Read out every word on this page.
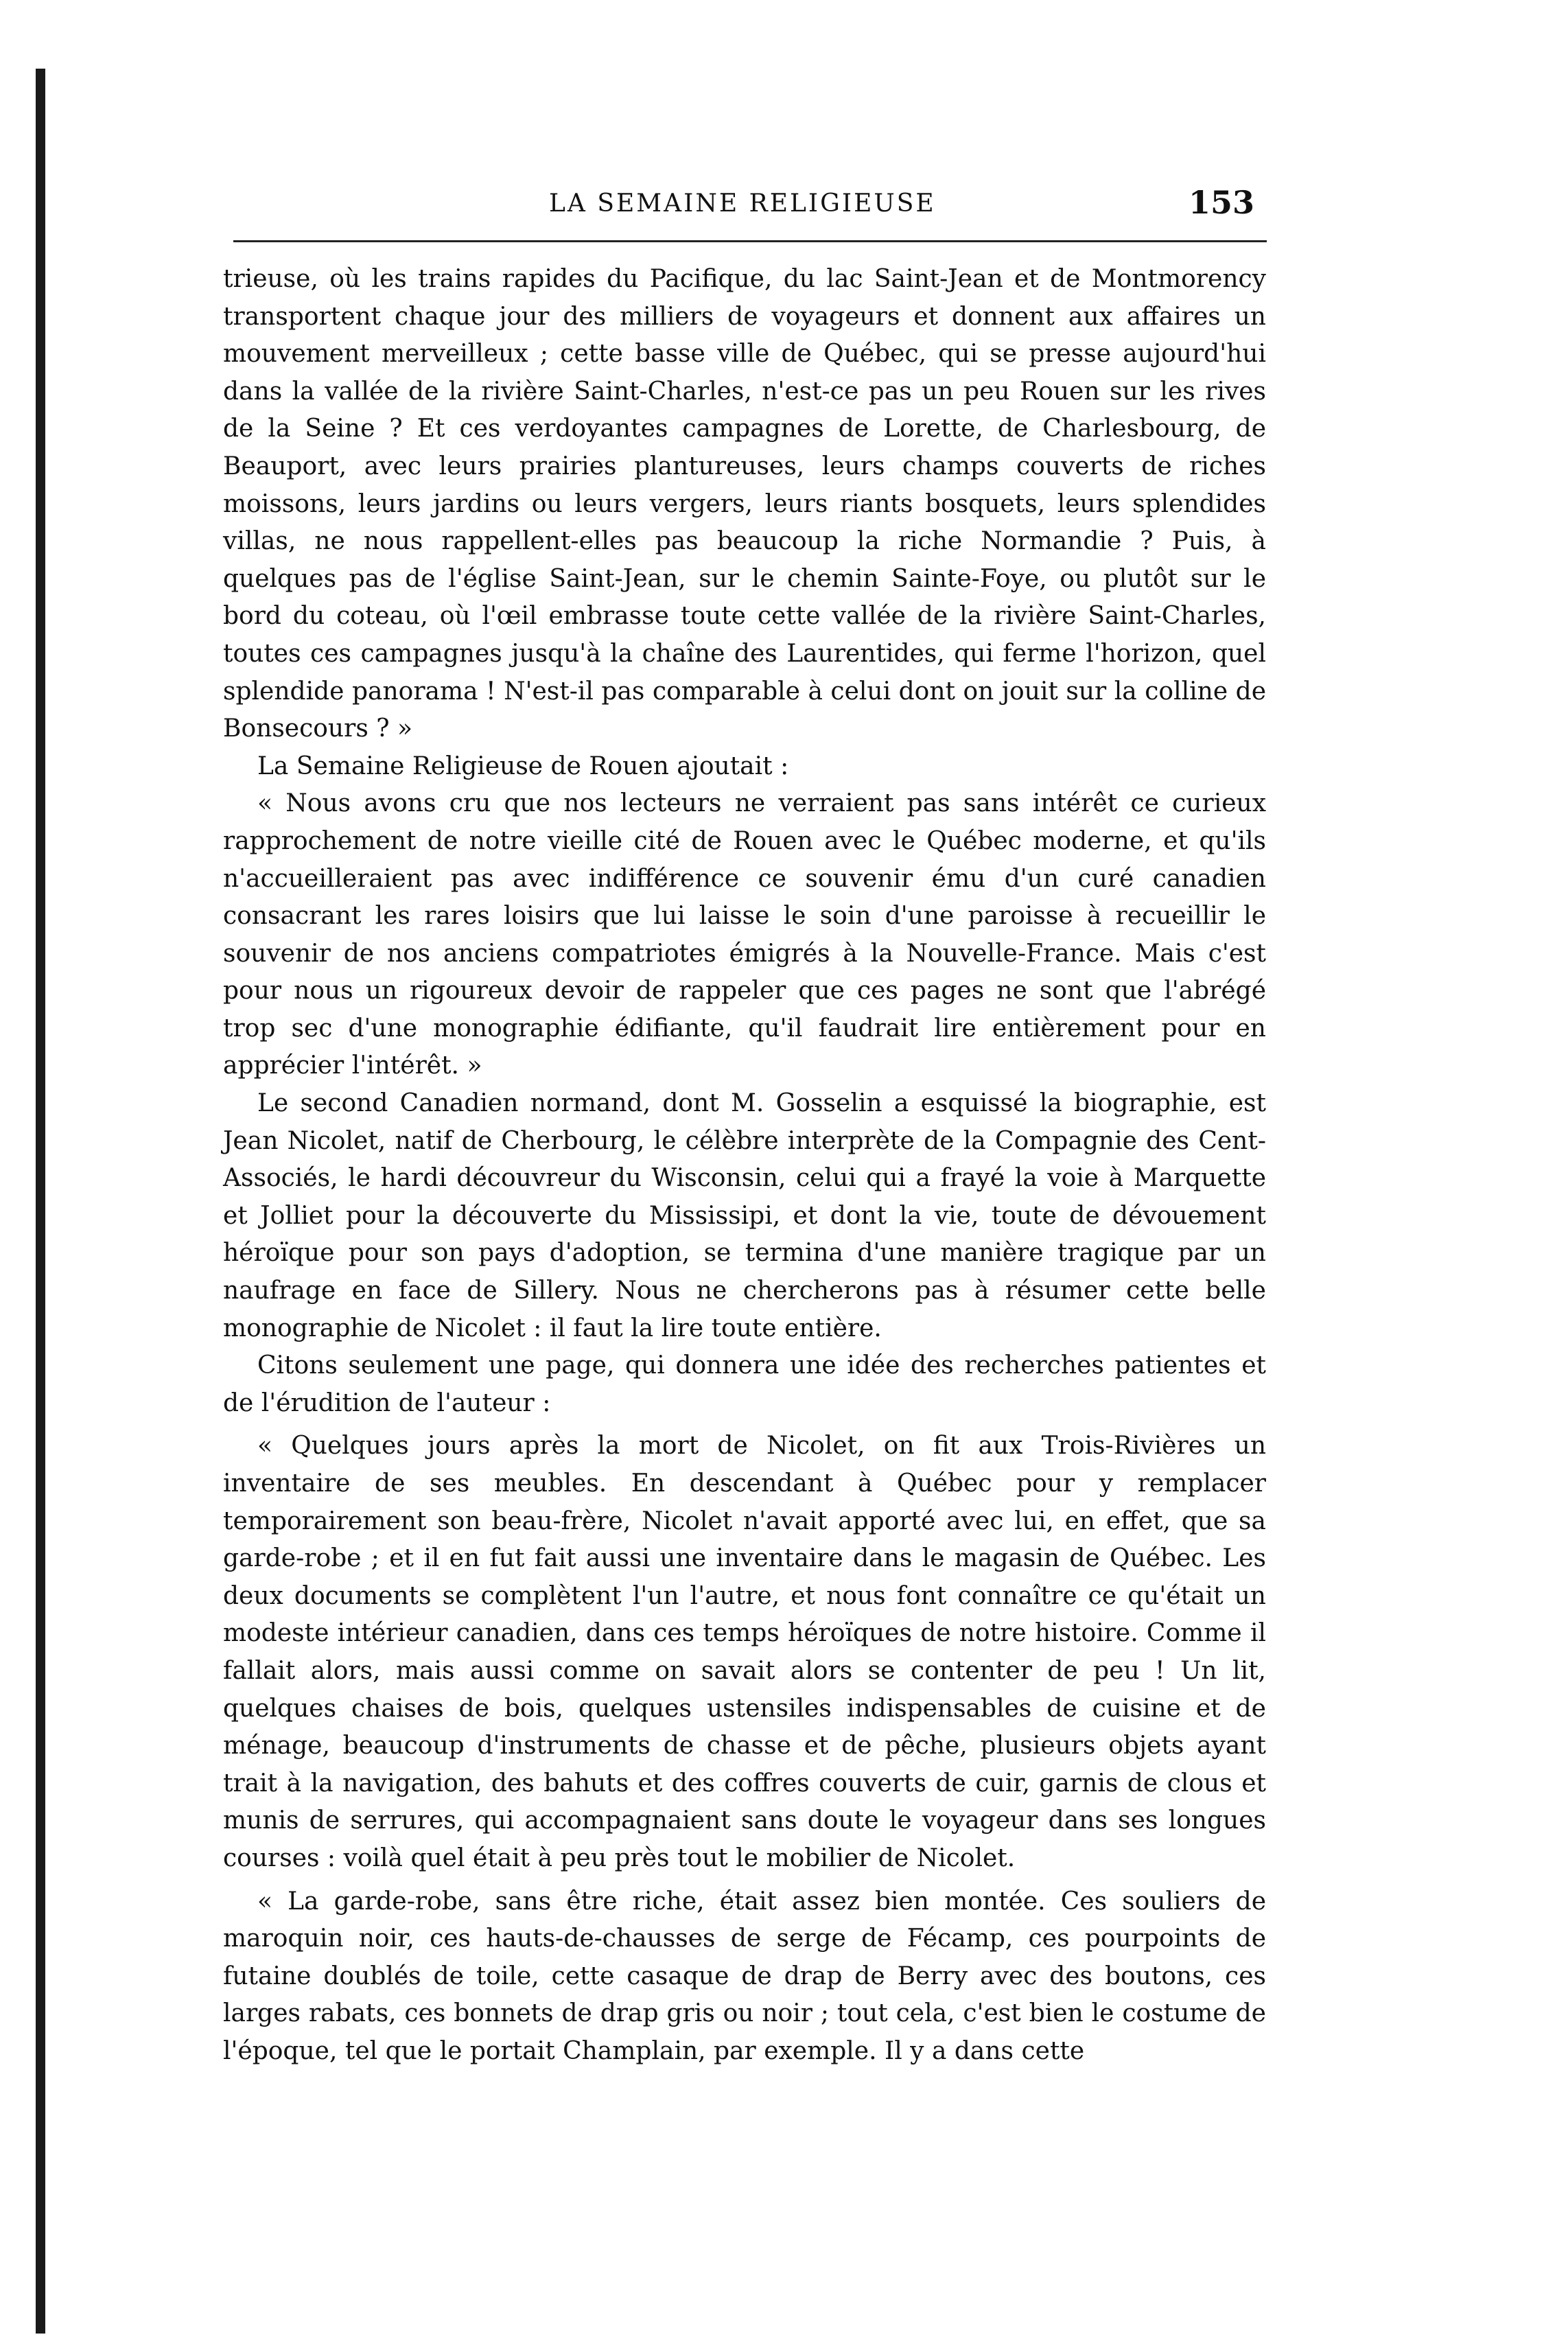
LA SEMAINE RELIGIEUSE	153

trieuse, où les trains rapides du Pacifique, du lac Saint-Jean et de Montmorency transportent chaque jour des milliers de voyageurs et donnent aux affaires un mouvement merveilleux ; cette basse ville de Québec, qui se presse aujourd'hui dans la vallée de la rivière Saint-Charles, n'est-ce pas un peu Rouen sur les rives de la Seine ? Et ces verdoyantes campagnes de Lorette, de Charlesbourg, de Beauport, avec leurs prairies plantureuses, leurs champs couverts de riches moissons, leurs jardins ou leurs vergers, leurs riants bosquets, leurs splendides villas, ne nous rappellent-elles pas beaucoup la riche Normandie ? Puis, à quelques pas de l'église Saint-Jean, sur le chemin Sainte-Foye, ou plutôt sur le bord du coteau, où l'œil embrasse toute cette vallée de la rivière Saint-Charles, toutes ces campagnes jusqu'à la chaîne des Laurentides, qui ferme l'horizon, quel splendide panorama ! N'est-il pas comparable à celui dont on jouit sur la colline de Bonsecours ? »

La Semaine Religieuse de Rouen ajoutait :

« Nous avons cru que nos lecteurs ne verraient pas sans intérêt ce curieux rapprochement de notre vieille cité de Rouen avec le Québec moderne, et qu'ils n'accueilleraient pas avec indifférence ce souvenir ému d'un curé canadien consacrant les rares loisirs que lui laisse le soin d'une paroisse à recueillir le souvenir de nos anciens compatriotes émigrés à la Nouvelle-France. Mais c'est pour nous un rigoureux devoir de rappeler que ces pages ne sont que l'abrégé trop sec d'une monographie édifiante, qu'il faudrait lire entièrement pour en apprécier l'intérêt. »

Le second Canadien normand, dont M. Gosselin a esquissé la biographie, est Jean Nicolet, natif de Cherbourg, le célèbre interprète de la Compagnie des Cent-Associés, le hardi découvreur du Wisconsin, celui qui a frayé la voie à Marquette et Jolliet pour la découverte du Mississipi, et dont la vie, toute de dévouement héroïque pour son pays d'adoption, se termina d'une manière tragique par un naufrage en face de Sillery. Nous ne chercherons pas à résumer cette belle monographie de Nicolet : il faut la lire toute entière.

Citons seulement une page, qui donnera une idée des recherches patientes et de l'érudition de l'auteur :

« Quelques jours après la mort de Nicolet, on fit aux Trois-Rivières un inventaire de ses meubles. En descendant à Québec pour y remplacer temporairement son beau-frère, Nicolet n'avait apporté avec lui, en effet, que sa garde-robe ; et il en fut fait aussi une inventaire dans le magasin de Québec. Les deux documents se complètent l'un l'autre, et nous font connaître ce qu'était un modeste intérieur canadien, dans ces temps héroïques de notre histoire. Comme il fallait alors, mais aussi comme on savait alors se contenter de peu ! Un lit, quelques chaises de bois, quelques ustensiles indispensables de cuisine et de ménage, beaucoup d'instruments de chasse et de pêche, plusieurs objets ayant trait à la navigation, des bahuts et des coffres couverts de cuir, garnis de clous et munis de serrures, qui accompagnaient sans doute le voyageur dans ses longues courses : voilà quel était à peu près tout le mobilier de Nicolet.

« La garde-robe, sans être riche, était assez bien montée. Ces souliers de maroquin noir, ces hauts-de-chausses de serge de Fécamp, ces pourpoints de futaine doublés de toile, cette casaque de drap de Berry avec des boutons, ces larges rabats, ces bonnets de drap gris ou noir ; tout cela, c'est bien le costume de l'époque, tel que le portait Champlain, par exemple. Il y a dans cette
